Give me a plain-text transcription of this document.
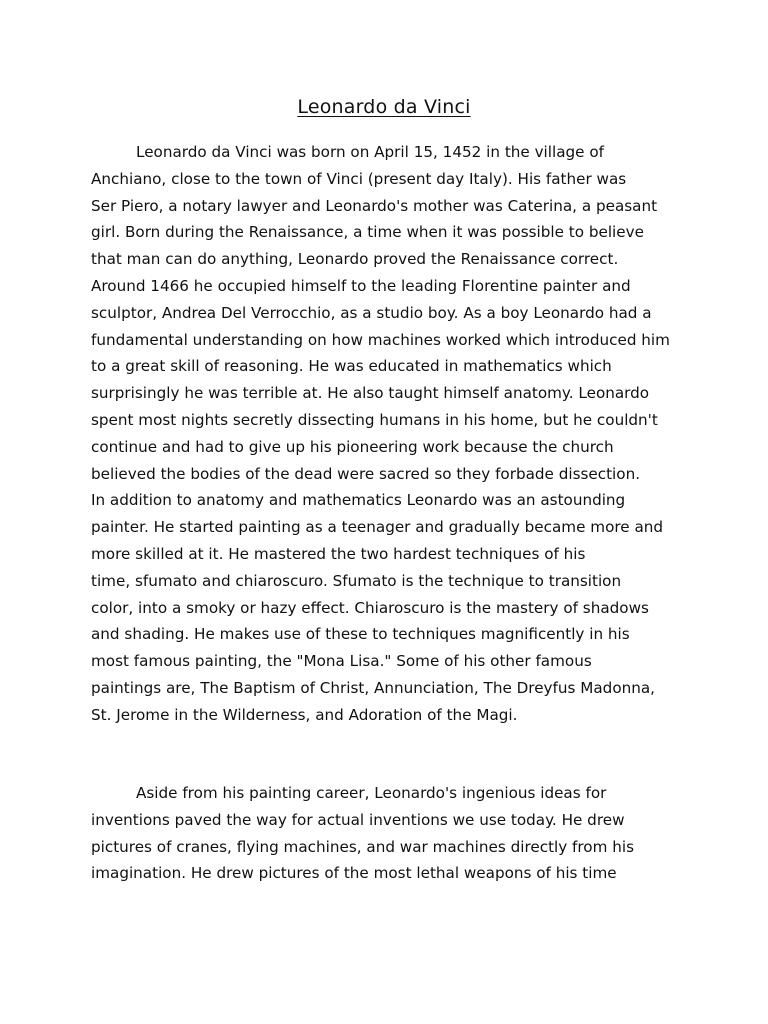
Leonardo da Vinci
Leonardo da Vinci was born on April 15, 1452 in the village of
Anchiano, close to the town of Vinci (present day Italy). His father was
Ser Piero, a notary lawyer and Leonardo's mother was Caterina, a peasant
girl. Born during the Renaissance, a time when it was possible to believe
that man can do anything, Leonardo proved the Renaissance correct.
Around 1466 he occupied himself to the leading Florentine painter and
sculptor, Andrea Del Verrocchio, as a studio boy. As a boy Leonardo had a
fundamental understanding on how machines worked which introduced him
to a great skill of reasoning. He was educated in mathematics which
surprisingly he was terrible at. He also taught himself anatomy. Leonardo
spent most nights secretly dissecting humans in his home, but he couldn't
continue and had to give up his pioneering work because the church
believed the bodies of the dead were sacred so they forbade dissection.
In addition to anatomy and mathematics Leonardo was an astounding
painter. He started painting as a teenager and gradually became more and
more skilled at it. He mastered the two hardest techniques of his
time, sfumato and chiaroscuro. Sfumato is the technique to transition
color, into a smoky or hazy effect. Chiaroscuro is the mastery of shadows
and shading. He makes use of these to techniques magnificently in his
most famous painting, the "Mona Lisa." Some of his other famous
paintings are, The Baptism of Christ, Annunciation, The Dreyfus Madonna,
St. Jerome in the Wilderness, and Adoration of the Magi.
Aside from his painting career, Leonardo's ingenious ideas for
inventions paved the way for actual inventions we use today. He drew
pictures of cranes, flying machines, and war machines directly from his
imagination. He drew pictures of the most lethal weapons of his time
